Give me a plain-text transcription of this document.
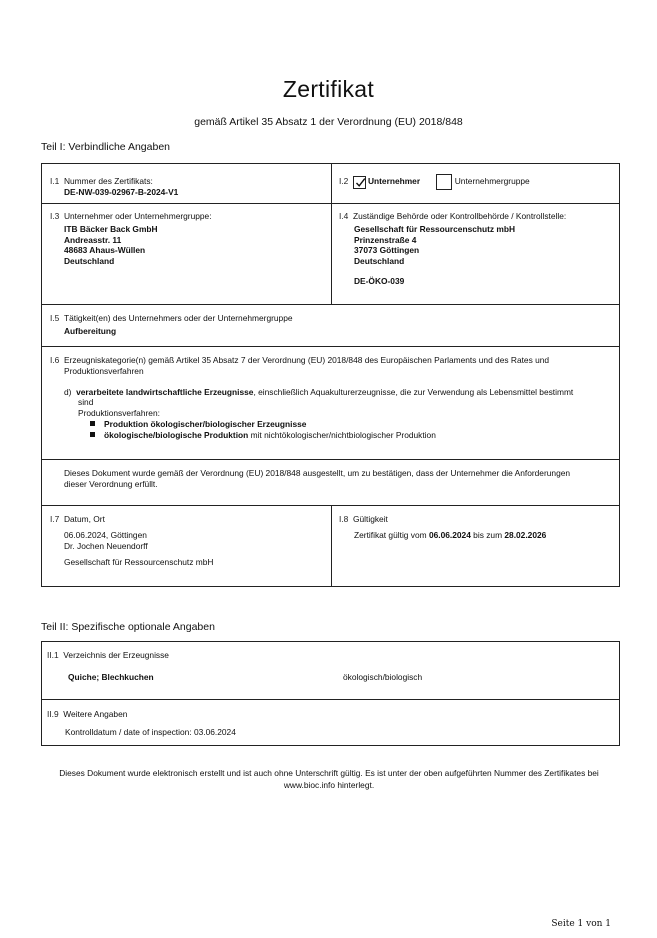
Zertifikat
gemäß Artikel 35 Absatz 1 der Verordnung (EU) 2018/848
Teil I: Verbindliche Angaben
I.1 Nummer des Zertifikats:
DE-NW-039-02967-B-2024-V1
I.2 Unternehmer	Unternehmergruppe
I.3 Unternehmer oder Unternehmergruppe:
ITB Bäcker Back GmbH
Andreasstr. 11
48683 Ahaus-Wüllen
Deutschland
I.4 Zuständige Behörde oder Kontrollbehörde / Kontrollstelle:
Gesellschaft für Ressourcenschutz mbH
Prinzenstraße 4
37073 Göttingen
Deutschland
DE-ÖKO-039
I.5 Tätigkeit(en) des Unternehmers oder der Unternehmergruppe
Aufbereitung
I.6 Erzeugniskategorie(n) gemäß Artikel 35 Absatz 7 der Verordnung (EU) 2018/848 des Europäischen Parlaments und des Rates und
Produktionsverfahren
d) verarbeitete landwirtschaftliche Erzeugnisse, einschließlich Aquakulturerzeugnisse, die zur Verwendung als Lebensmittel bestimmt
sind
Produktionsverfahren:
Produktion ökologischer/biologischer Erzeugnisse
ökologische/biologische Produktion mit nichtökologischer/nichtbiologischer Produktion
Dieses Dokument wurde gemäß der Verordnung (EU) 2018/848 ausgestellt, um zu bestätigen, dass der Unternehmer die Anforderungen
dieser Verordnung erfüllt.
I.7 Datum, Ort
06.06.2024, Göttingen
Dr. Jochen Neuendorff
Gesellschaft für Ressourcenschutz mbH
I.8 Gültigkeit
Zertifikat gültig vom 06.06.2024 bis zum 28.02.2026
Teil II: Spezifische optionale Angaben
II.1 Verzeichnis der Erzeugnisse
Quiche; Blechkuchen	ökologisch/biologisch
II.9 Weitere Angaben
Kontrolldatum / date of inspection: 03.06.2024
Dieses Dokument wurde elektronisch erstellt und ist auch ohne Unterschrift gültig. Es ist unter der oben aufgeführten Nummer des Zertifikates bei
www.bioc.info hinterlegt.
Seite 1 von 1
